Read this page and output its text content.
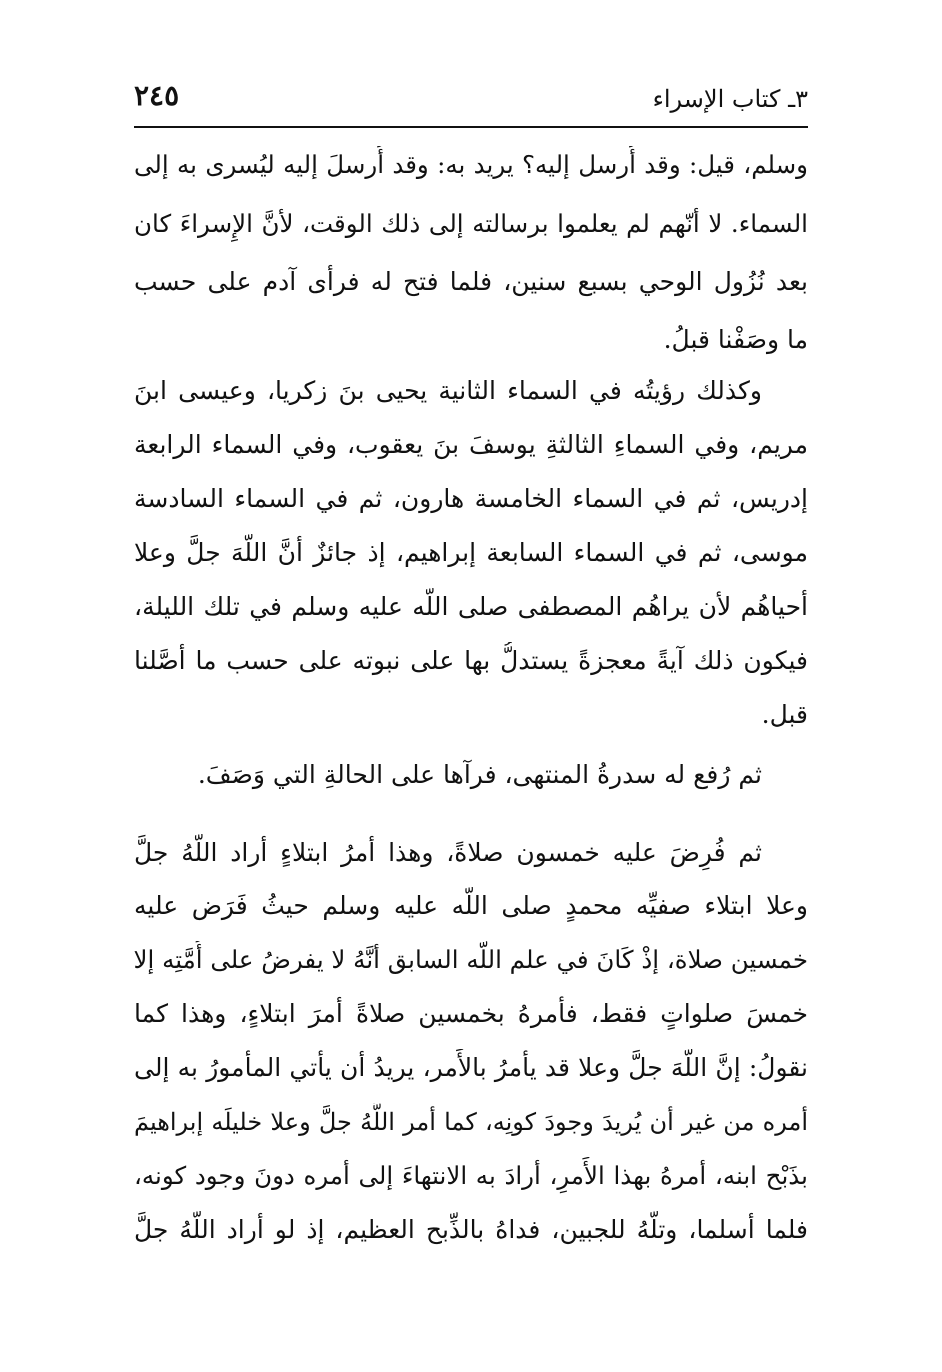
٣ـ كتاب الإسراء
٢٤٥
وسلم، قيل: وقد أُرسل إليه؟ يريد به: وقد أُرسلَ إليه ليُسرى به إلى
السماء. لا أنّهم لم يعلموا برسالته إلى ذلك الوقت، لأنَّ الإِسراءَ كان
بعد نُزُول الوحي بسبع سنين، فلما فتح له فرأى آدم على حسب
ما وصَفْنا قبلُ.
وكذلك رؤيتُه في السماء الثانية يحيى بنَ زكريا، وعيسى ابنَ
مريم، وفي السماءِ الثالثةِ يوسفَ بنَ يعقوب، وفي السماء الرابعة
إدريس، ثم في السماء الخامسة هارون، ثم في السماء السادسة
موسى، ثم في السماء السابعة إبراهيم، إذ جائزٌ أنَّ اللَّهَ جلَّ وعلا
أحياهُم لأن يراهُم المصطفى صلى اللَّه عليه وسلم في تلك الليلة،
فيكون ذلك آيةً معجزةً يستدلُّ بها على نبوته على حسب ما أصَّلنا
قبل.
ثم رُفع له سدرةُ المنتهى، فرآها على الحالةِ التي وَصَفَ.
ثم فُرِضَ عليه خمسون صلاةً، وهذا أمرُ ابتلاءٍ أراد اللَّهُ جلَّ
وعلا ابتلاء صفيِّه محمدٍ صلى اللَّه عليه وسلم حيثُ فَرَض عليه
خمسين صلاة، إذْ كَانَ في علم اللَّه السابق أنَّهُ لا يفرضُ على أُمَّتِه إلا
خمسَ صلواتٍ فقط، فأمرهُ بخمسين صلاةً أمرَ ابتلاءٍ، وهذا كما
نقولُ: إنَّ اللَّهَ جلَّ وعلا قد يأمرُ بالأَمر، يريدُ أن يأتي المأمورُ به إلى
أمره من غير أن يُريدَ وجودَ كونِه، كما أمر اللَّهُ جلَّ وعلا خليلَه إبراهيمَ
بذَبْح ابنه، أمرهُ بهذا الأَمرِ، أرادَ به الانتهاءَ إلى أمره دونَ وجود كونه،
فلما أسلما، وتلَّهُ للجبين، فداهُ بالذِّبح العظيم، إذ لو أراد اللَّهُ جلَّ
